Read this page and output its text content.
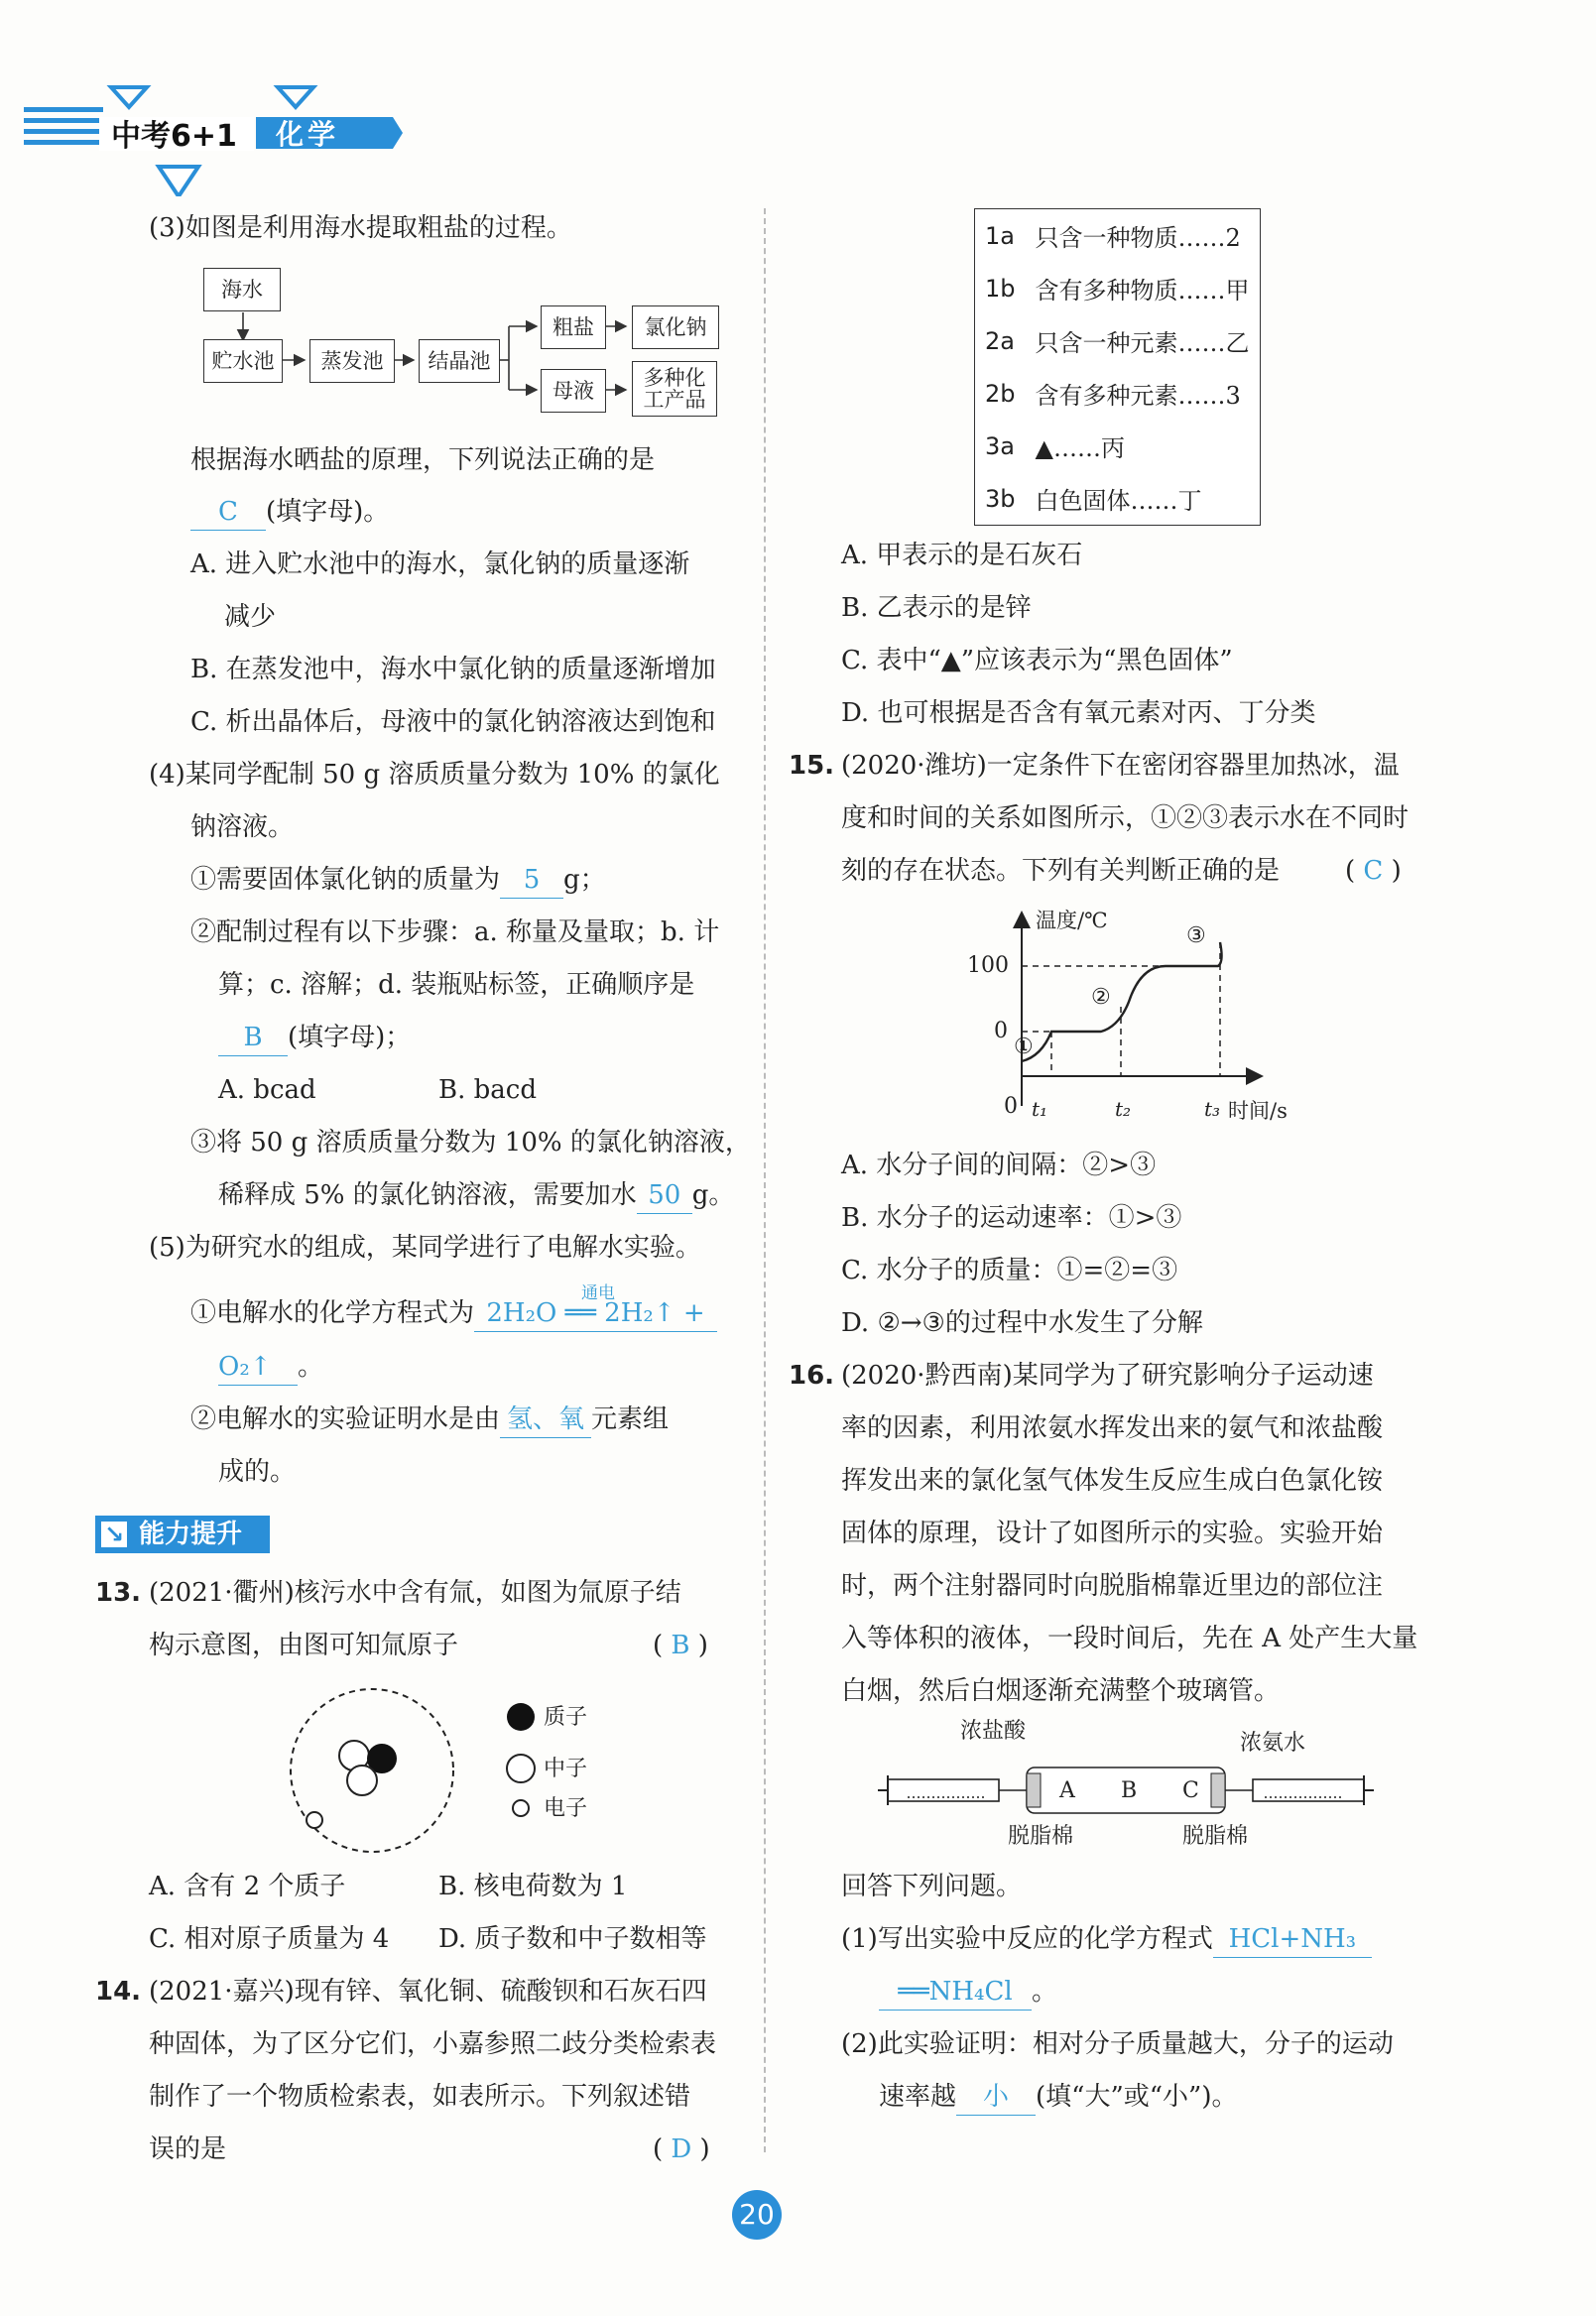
中考6+1 化学
(3)如图是利用海水提取粗盐的过程。
海水
贮水池	蒸发池	结晶池
粗盐	氯化钠
母液
多种化工产品
根据海水晒盐的原理，下列说法正确的是
C (填字母)。
A. 进入贮水池中的海水，氯化钠的质量逐渐
减少
B. 在蒸发池中，海水中氯化钠的质量逐渐增加
C. 析出晶体后，母液中的氯化钠溶液达到饱和
(4)某同学配制 50 g 溶质质量分数为 10% 的氯化
钠溶液。
①需要固体氯化钠的质量为 5 g；
②配制过程有以下步骤：a. 称量及量取；b. 计
算；c. 溶解；d. 装瓶贴标签，正确顺序是
B (填字母)；
A. bcad	B. bacd
③将 50 g 溶质质量分数为 10% 的氯化钠溶液，
稀释成 5% 的氯化钠溶液，需要加水 50 g。
(5)为研究水的组成，某同学进行了电解水实验。
①电解水的化学方程式为 2H₂O ══ 2H₂↑ +
通电
O₂↑ 。
②电解水的实验证明水是由 氢、氧 元素组
成的。
↘ 能力提升
13. (2021·衢州)核污水中含有氚，如图为氚原子结
构示意图，由图可知氚原子	( B )
质子
中子
电子
A. 含有 2 个质子	B. 核电荷数为 1
C. 相对原子质量为 4 D. 质子数和中子数相等
14. (2021·嘉兴)现有锌、氧化铜、硫酸钡和石灰石四
种固体，为了区分它们，小嘉参照二歧分类检索表
制作了一个物质检索表，如表所示。下列叙述错
误的是	( D )
1a	只含一种物质……2
1b	含有多种物质……甲
2a	只含一种元素……乙
2b	含有多种元素……3
3a	▲……丙
3b	白色固体……丁
A. 甲表示的是石灰石
B. 乙表示的是锌
C. 表中“▲”应该表示为“黑色固体”
D. 也可根据是否含有氧元素对丙、丁分类
15. (2020·潍坊)一定条件下在密闭容器里加热冰，温
度和时间的关系如图所示，①②③表示水在不同时
刻的存在状态。下列有关判断正确的是	( C )
温度/℃
100
0
0 t₁	t₂	t₃ 时间/s
①
②
③
A. 水分子间的间隔：②>③
B. 水分子的运动速率：①>③
C. 水分子的质量：①=②=③
D. ②→③的过程中水发生了分解
16. (2020·黔西南)某同学为了研究影响分子运动速
率的因素，利用浓氨水挥发出来的氨气和浓盐酸
挥发出来的氯化氢气体发生反应生成白色氯化铵
固体的原理，设计了如图所示的实验。实验开始
时，两个注射器同时向脱脂棉靠近里边的部位注
入等体积的液体，一段时间后，先在 A 处产生大量
白烟，然后白烟逐渐充满整个玻璃管。
浓盐酸	浓氨水
A B C
脱脂棉	脱脂棉
回答下列问题。
(1)写出实验中反应的化学方程式 HCl+NH₃
══NH₄Cl 。
(2)此实验证明：相对分子质量越大，分子的运动
速率越 小 (填“大”或“小”)。
20
